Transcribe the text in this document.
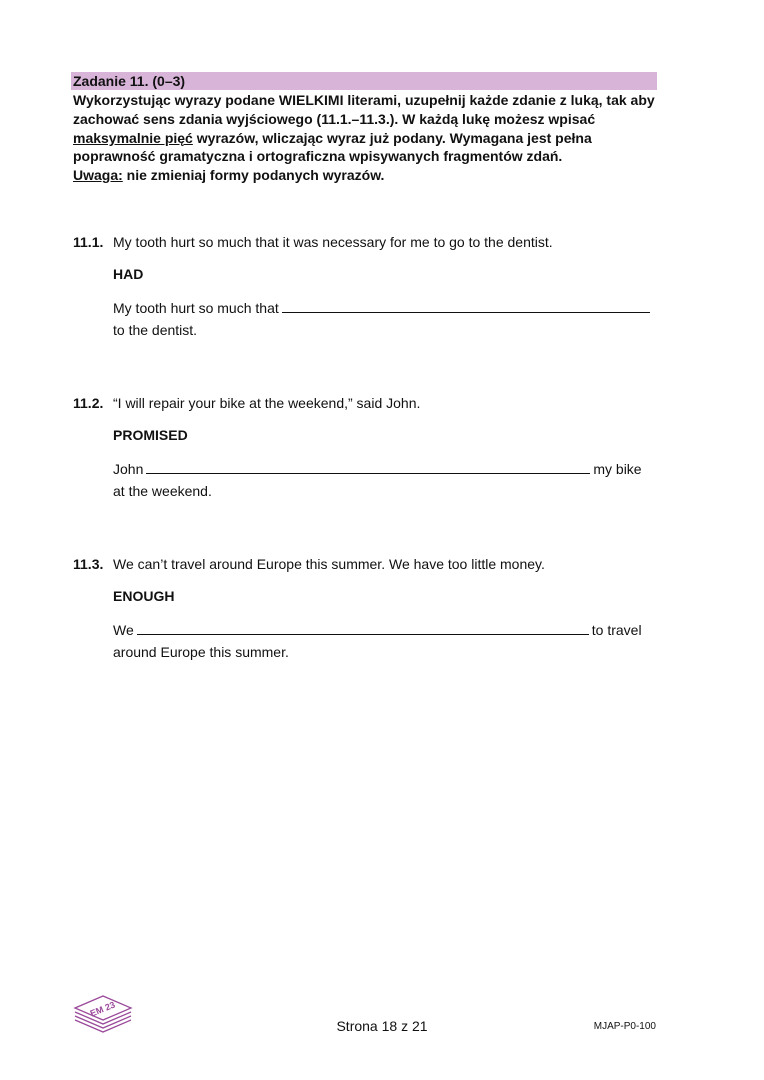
Zadanie 11. (0–3)
Wykorzystując wyrazy podane WIELKIMI literami, uzupełnij każde zdanie z luką, tak aby zachować sens zdania wyjściowego (11.1.–11.3.). W każdą lukę możesz wpisać maksymalnie pięć wyrazów, wliczając wyraz już podany. Wymagana jest pełna poprawność gramatyczna i ortograficzna wpisywanych fragmentów zdań.
Uwaga: nie zmieniaj formy podanych wyrazów.
11.1. My tooth hurt so much that it was necessary for me to go to the dentist.
HAD
My tooth hurt so much that
to the dentist.
11.2. “I will repair your bike at the weekend,” said John.
PROMISED
John	my bike
at the weekend.
11.3. We can’t travel around Europe this summer. We have too little money.
ENOUGH
We	to travel
around Europe this summer.
EM 23
Strona 18 z 21	MJAP-P0-100
